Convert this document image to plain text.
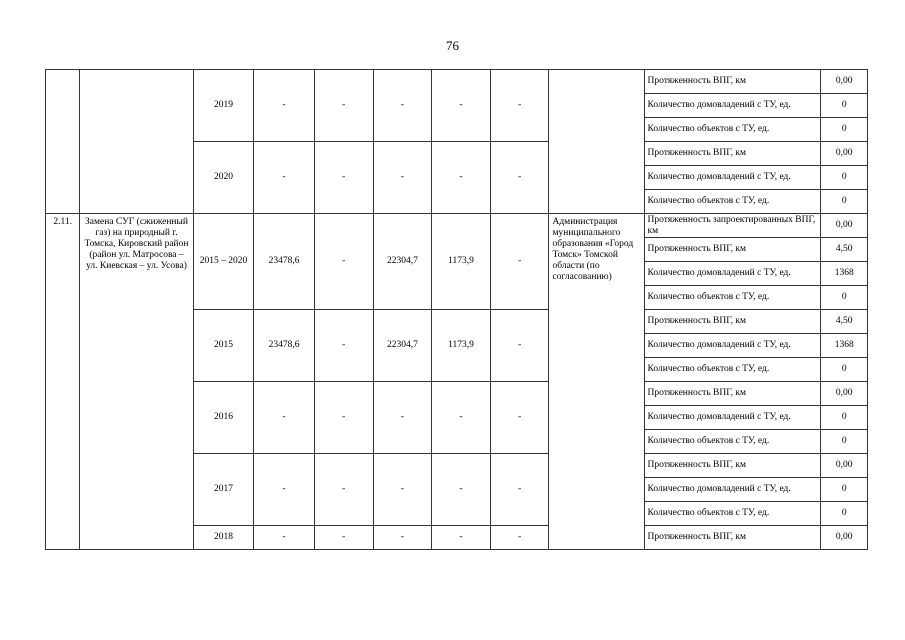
76
		2019	-	-	-	-	-		Протяженность ВПГ, км	0,00
									Количество домовладений с ТУ, ед.	0
									Количество объектов с ТУ, ед.	0
		2020	-	-	-	-	-		Протяженность ВПГ, км	0,00
									Количество домовладений с ТУ, ед.	0
									Количество объектов с ТУ, ед.	0
2.11.	Замена СУГ (сжиженный газ) на природный г. Томска, Кировский район (район ул. Матросова – ул. Киевская – ул. Усова)	2015 – 2020	23478,6	-	22304,7	1173,9	-	Администрация муниципального образования «Город Томск» Томской области (по согласованию)	Протяженность запроектированных ВПГ, км	0,00
									Протяженность ВПГ, км	4,50
									Количество домовладений с ТУ, ед.	1368
									Количество объектов с ТУ, ед.	0
		2015	23478,6	-	22304,7	1173,9	-		Протяженность ВПГ, км	4,50
									Количество домовладений с ТУ, ед.	1368
									Количество объектов с ТУ, ед.	0
		2016	-	-	-	-	-		Протяженность ВПГ, км	0,00
									Количество домовладений с ТУ, ед.	0
									Количество объектов с ТУ, ед.	0
		2017	-	-	-	-	-		Протяженность ВПГ, км	0,00
									Количество домовладений с ТУ, ед.	0
									Количество объектов с ТУ, ед.	0
		2018	-	-	-	-	-		Протяженность ВПГ, км	0,00
